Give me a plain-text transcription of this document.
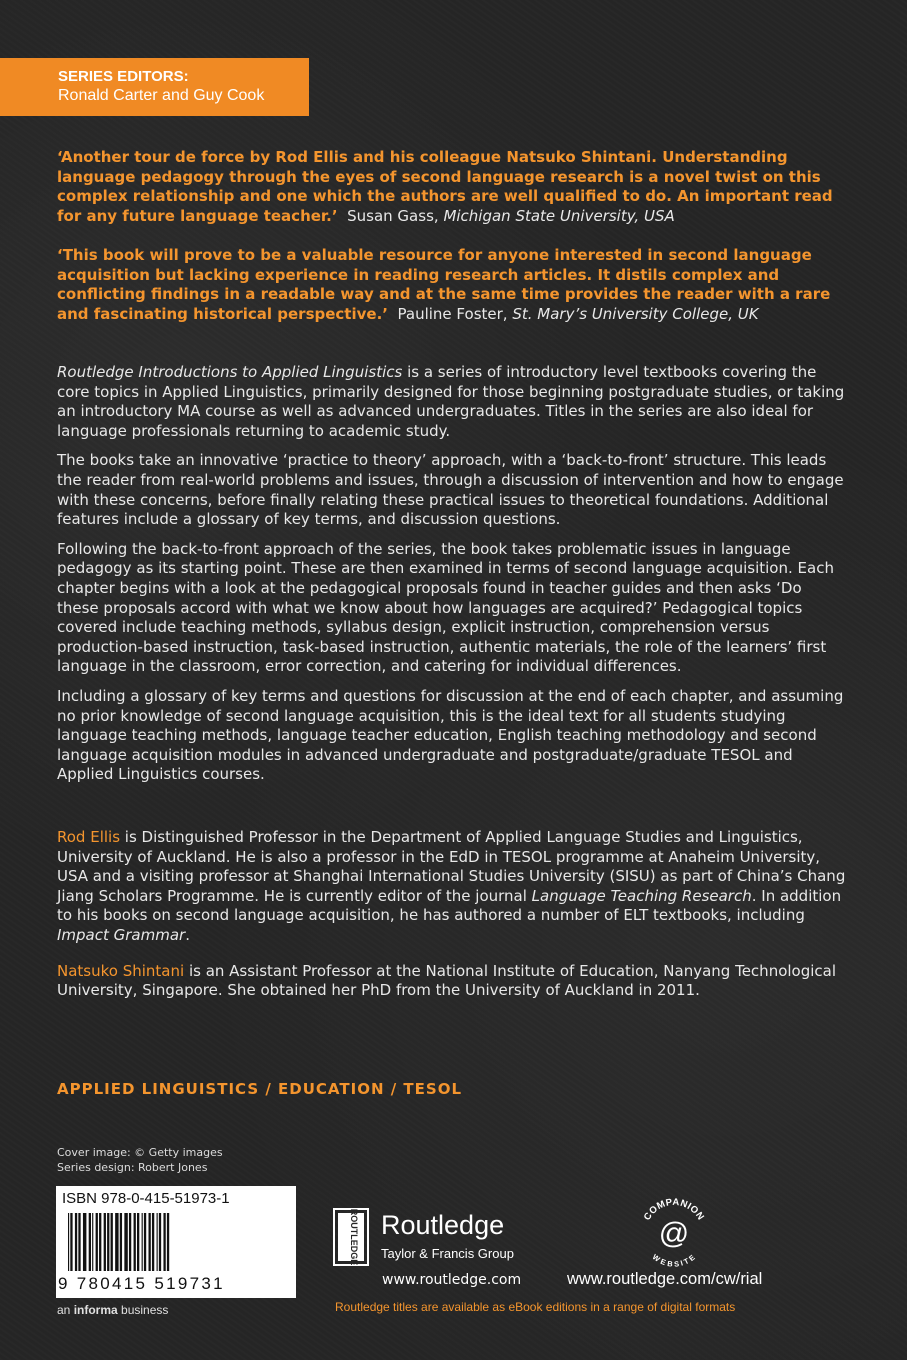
SERIES EDITORS:
Ronald Carter and Guy Cook

‘Another tour de force by Rod Ellis and his colleague Natsuko Shintani. Understanding language pedagogy through the eyes of second language research is a novel twist on this complex relationship and one which the authors are well qualified to do. An important read for any future language teacher.’ Susan Gass, Michigan State University, USA

‘This book will prove to be a valuable resource for anyone interested in second language acquisition but lacking experience in reading research articles. It distils complex and conflicting findings in a readable way and at the same time provides the reader with a rare and fascinating historical perspective.’ Pauline Foster, St. Mary’s University College, UK

Routledge Introductions to Applied Linguistics is a series of introductory level textbooks covering the core topics in Applied Linguistics, primarily designed for those beginning postgraduate studies, or taking an introductory MA course as well as advanced undergraduates. Titles in the series are also ideal for language professionals returning to academic study.

The books take an innovative ‘practice to theory’ approach, with a ‘back-to-front’ structure. This leads the reader from real-world problems and issues, through a discussion of intervention and how to engage with these concerns, before finally relating these practical issues to theoretical foundations. Additional features include a glossary of key terms, and discussion questions.

Following the back-to-front approach of the series, the book takes problematic issues in language pedagogy as its starting point. These are then examined in terms of second language acquisition. Each chapter begins with a look at the pedagogical proposals found in teacher guides and then asks ‘Do these proposals accord with what we know about how languages are acquired?’ Pedagogical topics covered include teaching methods, syllabus design, explicit instruction, comprehension versus production-based instruction, task-based instruction, authentic materials, the role of the learners’ first language in the classroom, error correction, and catering for individual differences.

Including a glossary of key terms and questions for discussion at the end of each chapter, and assuming no prior knowledge of second language acquisition, this is the ideal text for all students studying language teaching methods, language teacher education, English teaching methodology and second language acquisition modules in advanced undergraduate and postgraduate/graduate TESOL and Applied Linguistics courses.

Rod Ellis is Distinguished Professor in the Department of Applied Language Studies and Linguistics, University of Auckland. He is also a professor in the EdD in TESOL programme at Anaheim University, USA and a visiting professor at Shanghai International Studies University (SISU) as part of China’s Chang Jiang Scholars Programme. He is currently editor of the journal Language Teaching Research. In addition to his books on second language acquisition, he has authored a number of ELT textbooks, including Impact Grammar.

Natsuko Shintani is an Assistant Professor at the National Institute of Education, Nanyang Technological University, Singapore. She obtained her PhD from the University of Auckland in 2011.

APPLIED LINGUISTICS / EDUCATION / TESOL
Cover image: © Getty images
Series design: Robert Jones
ISBN 978-0-415-51973-1
9 780415 519731
an informa business
ROUTLEDGE Routledge
Taylor & Francis Group
www.routledge.com
COMPANION
WEBSITE
@
www.routledge.com/cw/rial
Routledge titles are available as eBook editions in a range of digital formats
